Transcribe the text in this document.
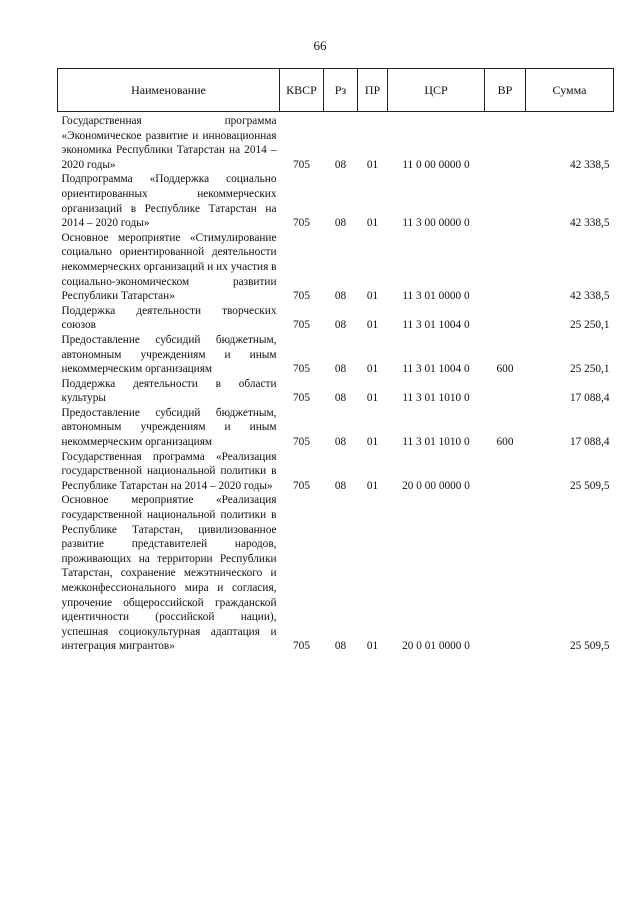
66
Наименование	КВСР	Рз	ПР	ЦСР	ВР	Сумма
Государственная программа «Экономическое развитие и инновационная экономика Республики Татарстан на 2014 – 2020 годы»	705	08	01	11 0 00 0000 0		42 338,5
Подпрограмма «Поддержка социально ориентированных некоммерческих организаций в Республике Татарстан на 2014 – 2020 годы»	705	08	01	11 3 00 0000 0		42 338,5
Основное мероприятие «Стимулирование социально ориентированной деятельности некоммерческих организаций и их участия в социально-экономическом развитии Республики Татарстан»	705	08	01	11 3 01 0000 0		42 338,5
Поддержка деятельности творческих союзов	705	08	01	11 3 01 1004 0		25 250,1
Предоставление субсидий бюджетным, автономным учреждениям и иным некоммерческим организациям	705	08	01	11 3 01 1004 0	600	25 250,1
Поддержка деятельности в области культуры	705	08	01	11 3 01 1010 0		17 088,4
Предоставление субсидий бюджетным, автономным учреждениям и иным некоммерческим организациям	705	08	01	11 3 01 1010 0	600	17 088,4
Государственная программа «Реализация государственной национальной политики в Республике Татарстан на 2014 – 2020 годы»	705	08	01	20 0 00 0000 0		25 509,5
Основное мероприятие «Реализация государственной национальной политики в Республике Татарстан, цивилизованное развитие представителей народов, проживающих на территории Республики Татарстан, сохранение межэтнического и межконфессионального мира и согласия, упрочение общероссийской гражданской идентичности (российской нации), успешная социокультурная адаптация и интеграция мигрантов»	705	08	01	20 0 01 0000 0		25 509,5
